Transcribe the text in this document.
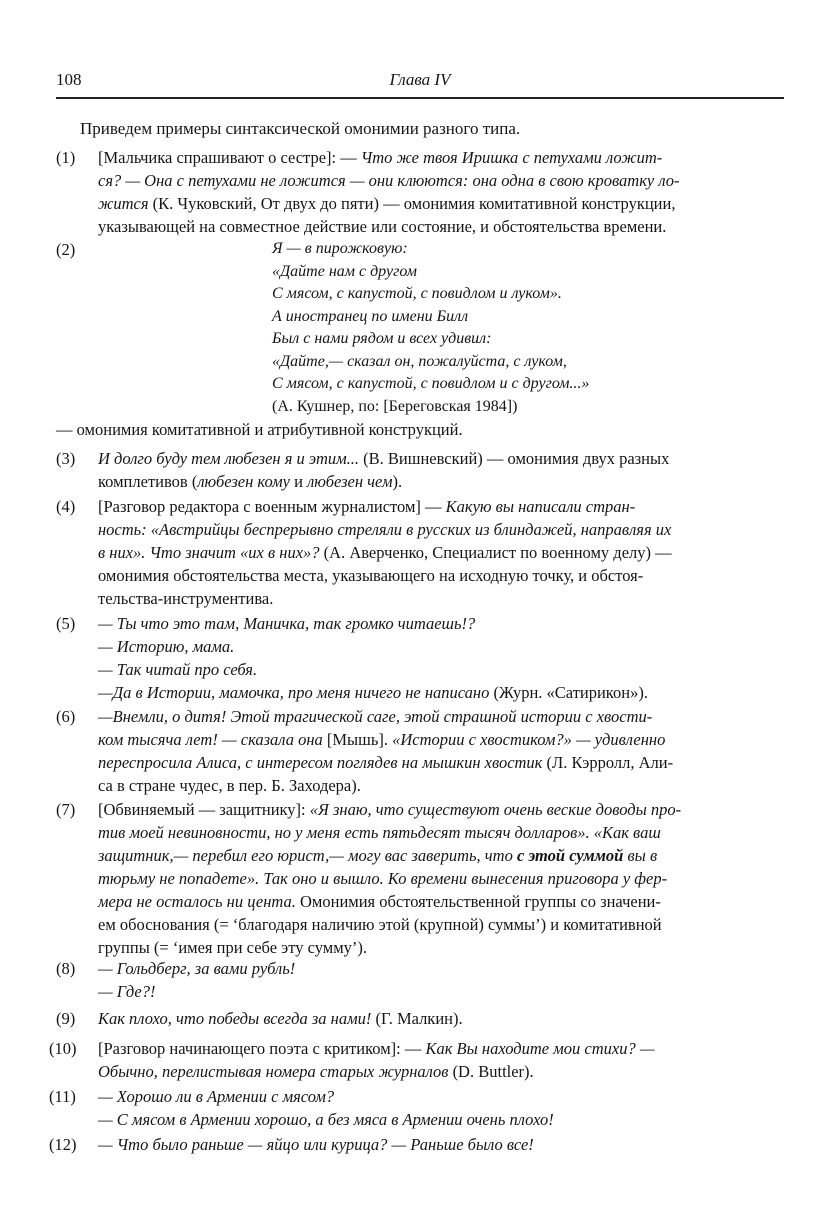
108	Глава IV
Приведем примеры синтаксической омонимии разного типа.
(1) [Мальчика спрашивают о сестре]: — Что же твоя Иришка с петухами ложит-
ся? — Она с петухами не ложится — они клюются: она одна в свою кроватку ло-
жится (К. Чуковский, От двух до пяти) — омонимия комитативной конструкции,
указывающей на совместное действие или состояние, и обстоятельства времени.
(2)	Я — в пирожковую:
«Дайте нам с другом
С мясом, с капустой, с повидлом и луком».
А иностранец по имени Билл
Был с нами рядом и всех удивил:
«Дайте,— сказал он, пожалуйста, с луком,
С мясом, с капустой, с повидлом и с другом...»
(А. Кушнер, по: [Береговская 1984])
— омонимия комитативной и атрибутивной конструкций.
(3) И долго буду тем любезен я и этим... (В. Вишневский) — омонимия двух разных
комплетивов (любезен кому и любезен чем).
(4) [Разговор редактора с военным журналистом] — Какую вы написали стран-
ность: «Австрийцы беспрерывно стреляли в русских из блиндажей, направляя их
в них». Что значит «их в них»? (А. Аверченко, Специалист по военному делу) —
омонимия обстоятельства места, указывающего на исходную точку, и обстоя-
тельства-инструментива.
(5) — Ты что это там, Маничка, так громко читаешь!?
— Историю, мама.
— Так читай про себя.
—Да в Истории, мамочка, про меня ничего не написано (Журн. «Сатирикон»).
(6) —Внемли, о дитя! Этой трагической саге, этой страшной истории с хвости-
ком тысяча лет! — сказала она [Мышь]. «Истории с хвостиком?» — удивленно
переспросила Алиса, с интересом поглядев на мышкин хвостик (Л. Кэрролл, Али-
са в стране чудес, в пер. Б. Заходера).
(7) [Обвиняемый — защитнику]: «Я знаю, что существуют очень веские доводы про-
тив моей невиновности, но у меня есть пятьдесят тысяч долларов». «Как ваш
защитник,— перебил его юрист,— могу вас заверить, что с этой суммой вы в
тюрьму не попадете». Так оно и вышло. Ко времени вынесения приговора у фер-
мера не осталось ни цента. Омонимия обстоятельственной группы со значени-
ем обоснования (= ‘благодаря наличию этой (крупной) суммы’) и комитативной
группы (= ‘имея при себе эту сумму’).
(8) — Гольдберг, за вами рубль!
— Где?!
(9) Как плохо, что победы всегда за нами! (Г. Малкин).
(10) [Разговор начинающего поэта с критиком]: — Как Вы находите мои стихи? —
Обычно, перелистывая номера старых журналов (D. Buttler).
(11) — Хорошо ли в Армении с мясом?
— С мясом в Армении хорошо, а без мяса в Армении очень плохо!
(12) — Что было раньше — яйцо или курица? — Раньше было все!
